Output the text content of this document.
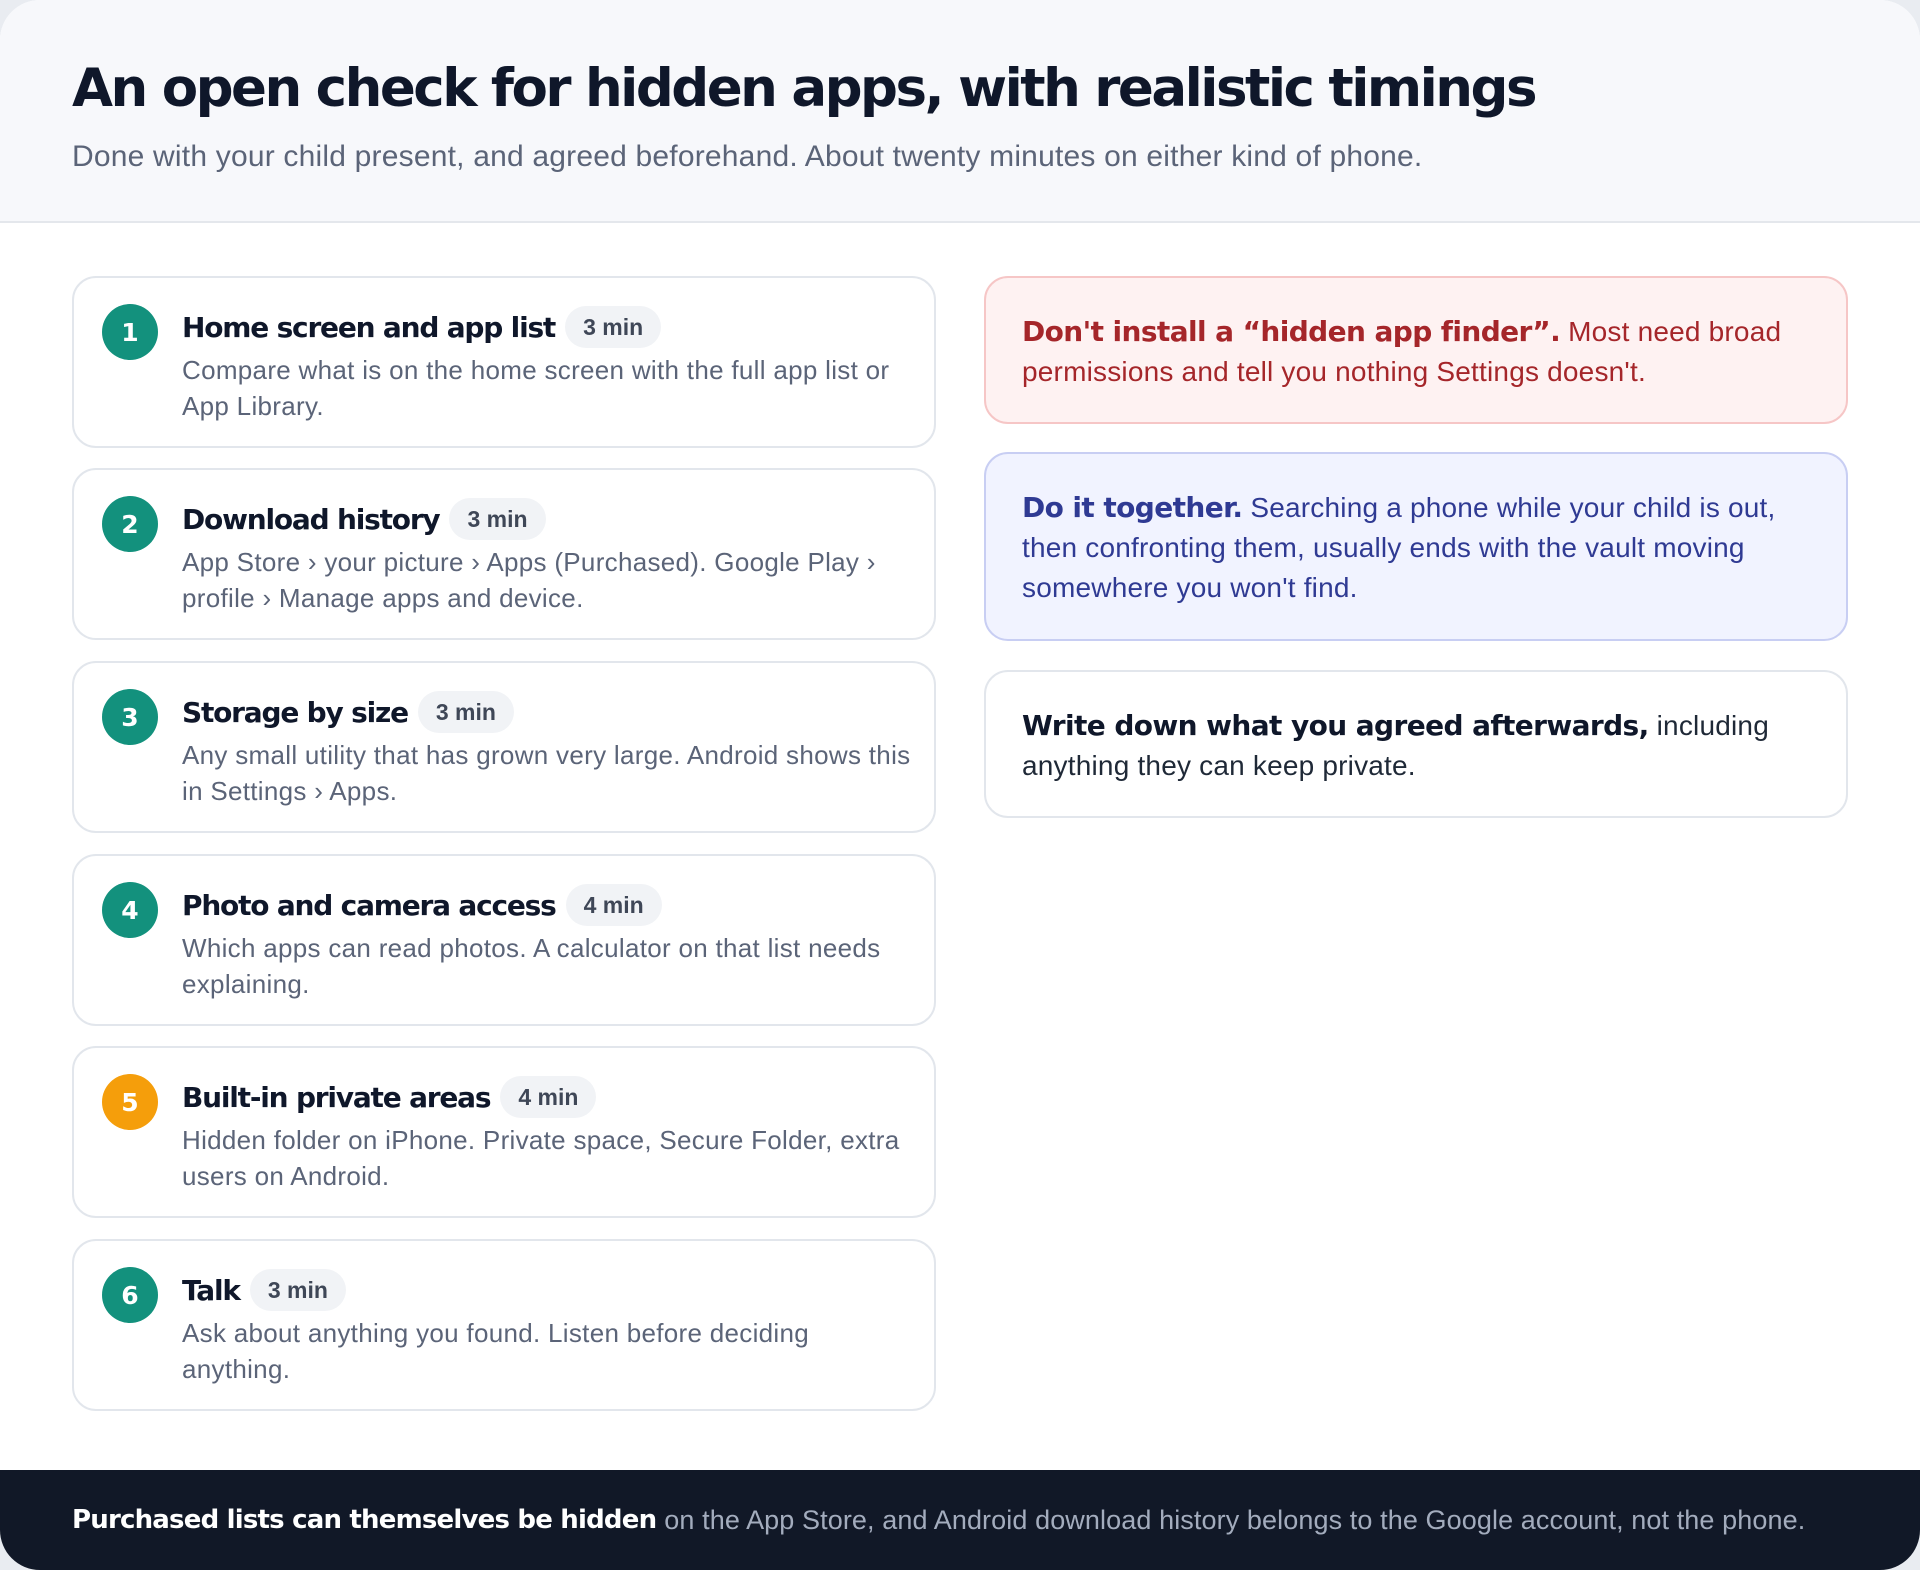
An open check for hidden apps, with realistic timings

Done with your child present, and agreed beforehand. About twenty minutes on either kind of phone.

1	Home screen and app list	3 min

Compare what is on the home screen with the full app list or App Library.

2	Download history	3 min

App Store › your picture › Apps (Purchased). Google Play › profile › Manage apps and device.

3	Storage by size	3 min

Any small utility that has grown very large. Android shows this in Settings › Apps.

4	Photo and camera access	4 min

Which apps can read photos. A calculator on that list needs explaining.

5	Built-in private areas	4 min

Hidden folder on iPhone. Private space, Secure Folder, extra users on Android.

6	Talk	3 min

Ask about anything you found. Listen before deciding anything.

Don't install a “hidden app finder”. Most need broad permissions and tell you nothing Settings doesn't.
Do it together. Searching a phone while your child is out, then confronting them, usually ends with the vault moving somewhere you won't find.
Write down what you agreed afterwards, including anything they can keep private.
Purchased lists can themselves be hidden on the App Store, and Android download history belongs to the Google account, not the phone.
